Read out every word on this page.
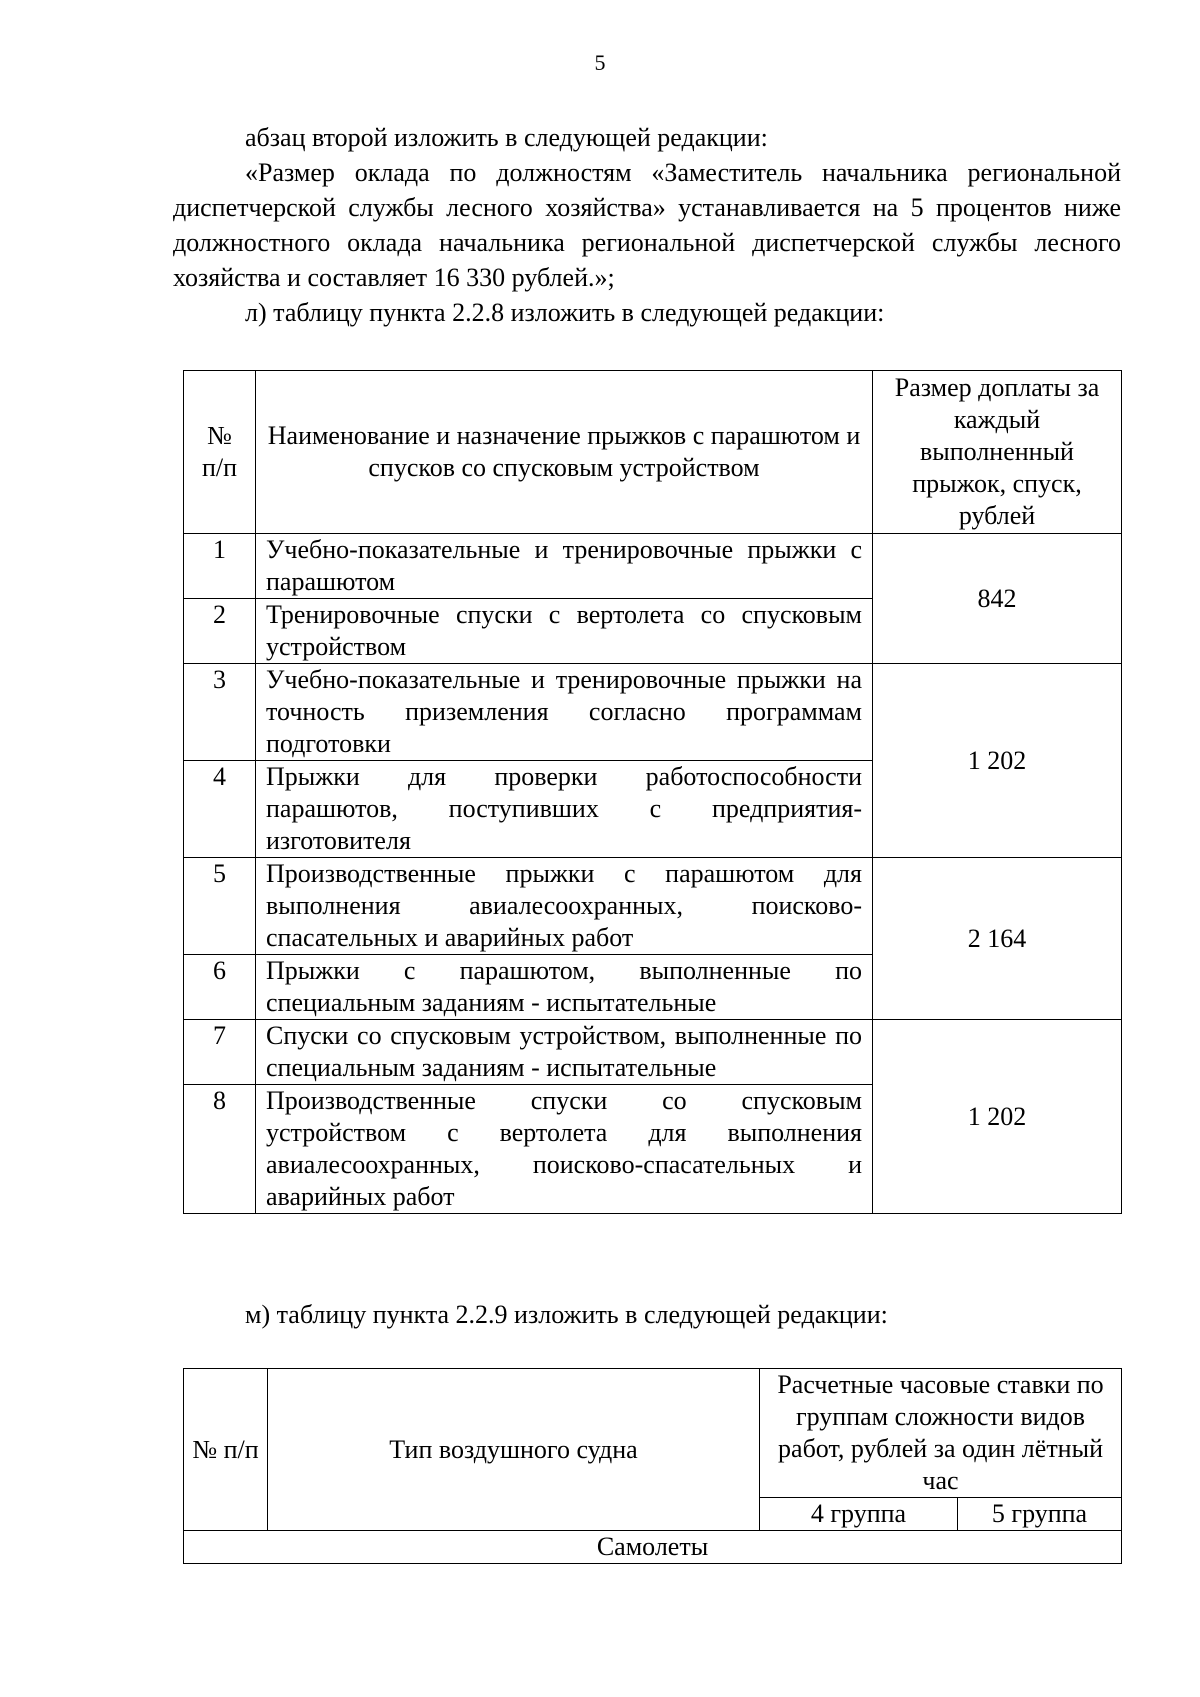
5
абзац второй изложить в следующей редакции:
«Размер оклада по должностям «Заместитель начальника региональной диспетчерской службы лесного хозяйства» устанавливается на 5 процентов ниже должностного оклада начальника региональной диспетчерской службы лесного хозяйства и составляет 16 330 рублей.»;
л) таблицу пункта 2.2.8 изложить в следующей редакции:
№ п/п	Наименование и назначение прыжков с парашютом и спусков со спусковым устройством	Размер доплаты за каждый выполненный прыжок, спуск, рублей
1	Учебно-показательные и тренировочные прыжки с парашютом	842
2	Тренировочные спуски с вертолета со спусковым устройством	
3	Учебно-показательные и тренировочные прыжки на точность приземления согласно программам подготовки	1 202
4	Прыжки для проверки работоспособности парашютов, поступивших с предприятия-изготовителя	
5	Производственные прыжки с парашютом для выполнения авиалесоохранных, поисково-спасательных и аварийных работ	2 164
6	Прыжки с парашютом, выполненные по специальным заданиям - испытательные	
7	Спуски со спусковым устройством, выполненные по специальным заданиям - испытательные	1 202
8	Производственные спуски со спусковым устройством с вертолета для выполнения авиалесоохранных, поисково-спасательных и аварийных работ	
м) таблицу пункта 2.2.9 изложить в следующей редакции:
№ п/п	Тип воздушного судна	Расчетные часовые ставки по группам сложности видов работ, рублей за один лётный час	
		4 группа	5 группа
Самолеты			
